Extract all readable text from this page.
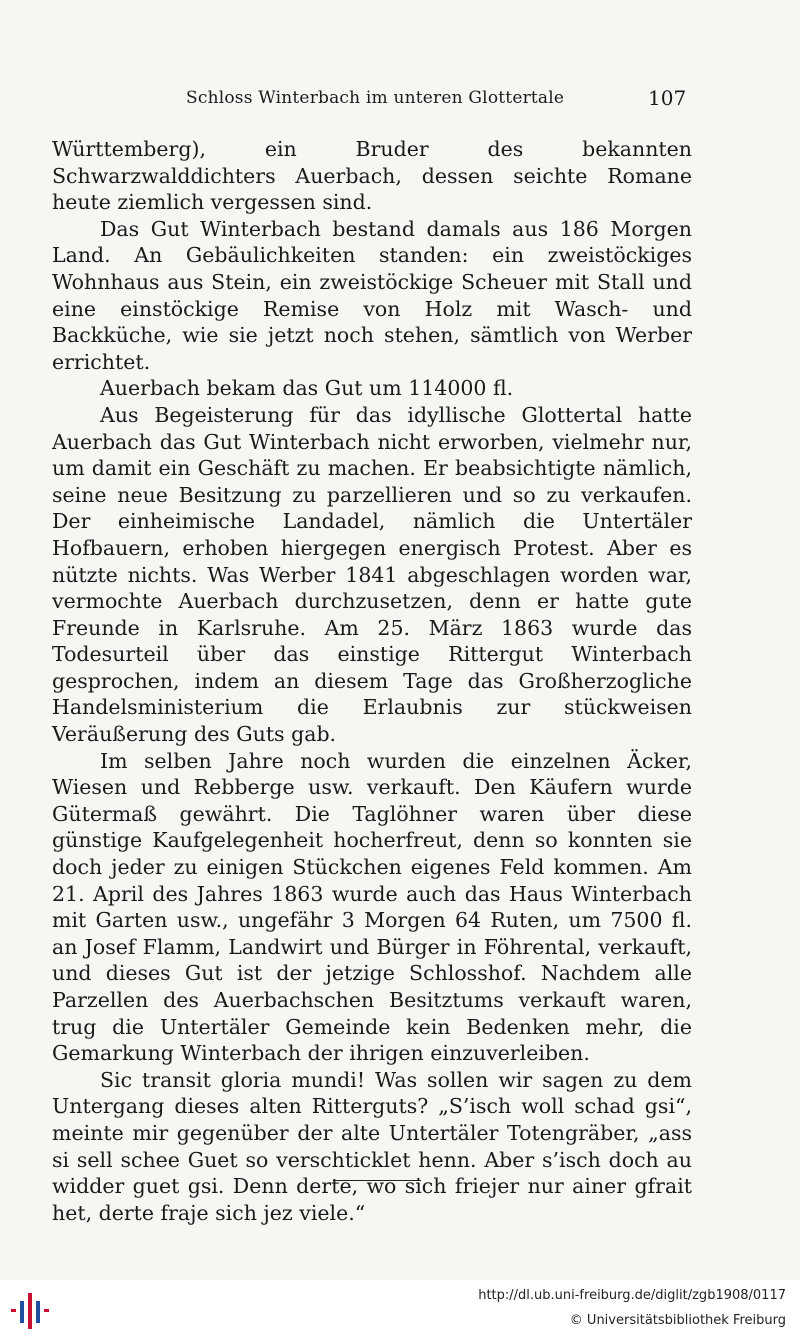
Schloss Winterbach im unteren Glottertale	107

Württemberg), ein Bruder des bekannten Schwarzwalddichters Auerbach, dessen seichte Romane heute ziemlich vergessen sind.

Das Gut Winterbach bestand damals aus 186 Morgen Land. An Gebäulichkeiten standen: ein zweistöckiges Wohnhaus aus Stein, ein zweistöckige Scheuer mit Stall und eine einstöckige Remise von Holz mit Wasch- und Backküche, wie sie jetzt noch stehen, sämtlich von Werber errichtet.

Auerbach bekam das Gut um 114000 fl.

Aus Begeisterung für das idyllische Glottertal hatte Auerbach das Gut Winterbach nicht erworben, vielmehr nur, um damit ein Geschäft zu machen. Er beabsichtigte nämlich, seine neue Besitzung zu parzellieren und so zu verkaufen. Der einheimische Landadel, nämlich die Untertäler Hofbauern, erhoben hiergegen energisch Protest. Aber es nützte nichts. Was Werber 1841 abgeschlagen worden war, vermochte Auerbach durchzusetzen, denn er hatte gute Freunde in Karlsruhe. Am 25. März 1863 wurde das Todesurteil über das einstige Rittergut Winterbach gesprochen, indem an diesem Tage das Großherzogliche Handelsministerium die Erlaubnis zur stückweisen Veräußerung des Guts gab.

Im selben Jahre noch wurden die einzelnen Äcker, Wiesen und Rebberge usw. verkauft. Den Käufern wurde Gütermaß gewährt. Die Taglöhner waren über diese günstige Kaufgelegenheit hocherfreut, denn so konnten sie doch jeder zu einigen Stückchen eigenes Feld kommen. Am 21. April des Jahres 1863 wurde auch das Haus Winterbach mit Garten usw., ungefähr 3 Morgen 64 Ruten, um 7500 fl. an Josef Flamm, Landwirt und Bürger in Föhrental, verkauft, und dieses Gut ist der jetzige Schlosshof. Nachdem alle Parzellen des Auerbachschen Besitztums verkauft waren, trug die Untertäler Gemeinde kein Bedenken mehr, die Gemarkung Winterbach der ihrigen einzuverleiben.

Sic transit gloria mundi! Was sollen wir sagen zu dem Untergang dieses alten Ritterguts? „S’isch woll schad gsi“, meinte mir gegenüber der alte Untertäler Totengräber, „ass si sell schee Guet so verschticklet henn. Aber s’isch doch au widder guet gsi. Denn derte, wo sich friejer nur ainer gfrait het, derte fraje sich jez viele.“

http://dl.ub.uni-freiburg.de/diglit/zgb1908/0117
© Universitätsbibliothek Freiburg
